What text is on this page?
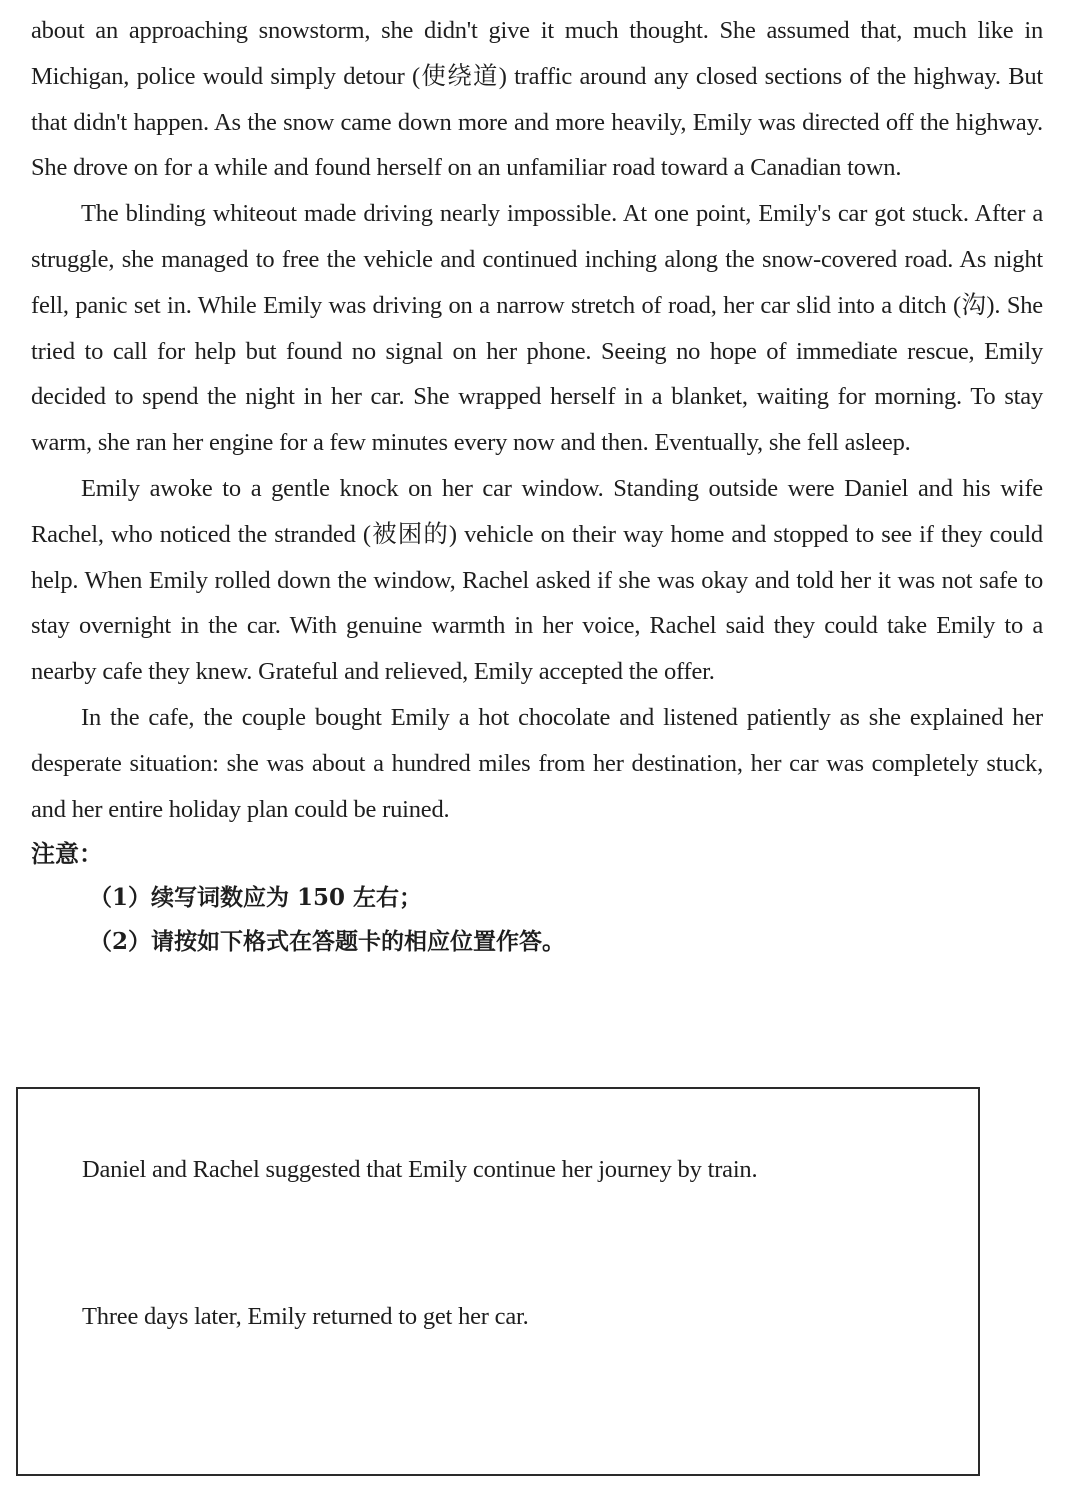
about an approaching snowstorm, she didn't give it much thought. She assumed that, much like in Michigan, police would simply detour (使绕道) traffic around any closed sections of the highway. But that didn't happen. As the snow came down more and more heavily, Emily was directed off the highway. She drove on for a while and found herself on an unfamiliar road toward a Canadian town.

The blinding whiteout made driving nearly impossible. At one point, Emily's car got stuck. After a struggle, she managed to free the vehicle and continued inching along the snow-covered road. As night fell, panic set in. While Emily was driving on a narrow stretch of road, her car slid into a ditch (沟). She tried to call for help but found no signal on her phone. Seeing no hope of immediate rescue, Emily decided to spend the night in her car. She wrapped herself in a blanket, waiting for morning. To stay warm, she ran her engine for a few minutes every now and then. Eventually, she fell asleep.

Emily awoke to a gentle knock on her car window. Standing outside were Daniel and his wife Rachel, who noticed the stranded (被困的) vehicle on their way home and stopped to see if they could help. When Emily rolled down the window, Rachel asked if she was okay and told her it was not safe to stay overnight in the car. With genuine warmth in her voice, Rachel said they could take Emily to a nearby cafe they knew. Grateful and relieved, Emily accepted the offer.

In the cafe, the couple bought Emily a hot chocolate and listened patiently as she explained her desperate situation: she was about a hundred miles from her destination, her car was completely stuck, and her entire holiday plan could be ruined.

注意：

（1）续写词数应为 150 左右；

（2）请按如下格式在答题卡的相应位置作答。

Daniel and Rachel suggested that Emily continue her journey by train.

Three days later, Emily returned to get her car.
